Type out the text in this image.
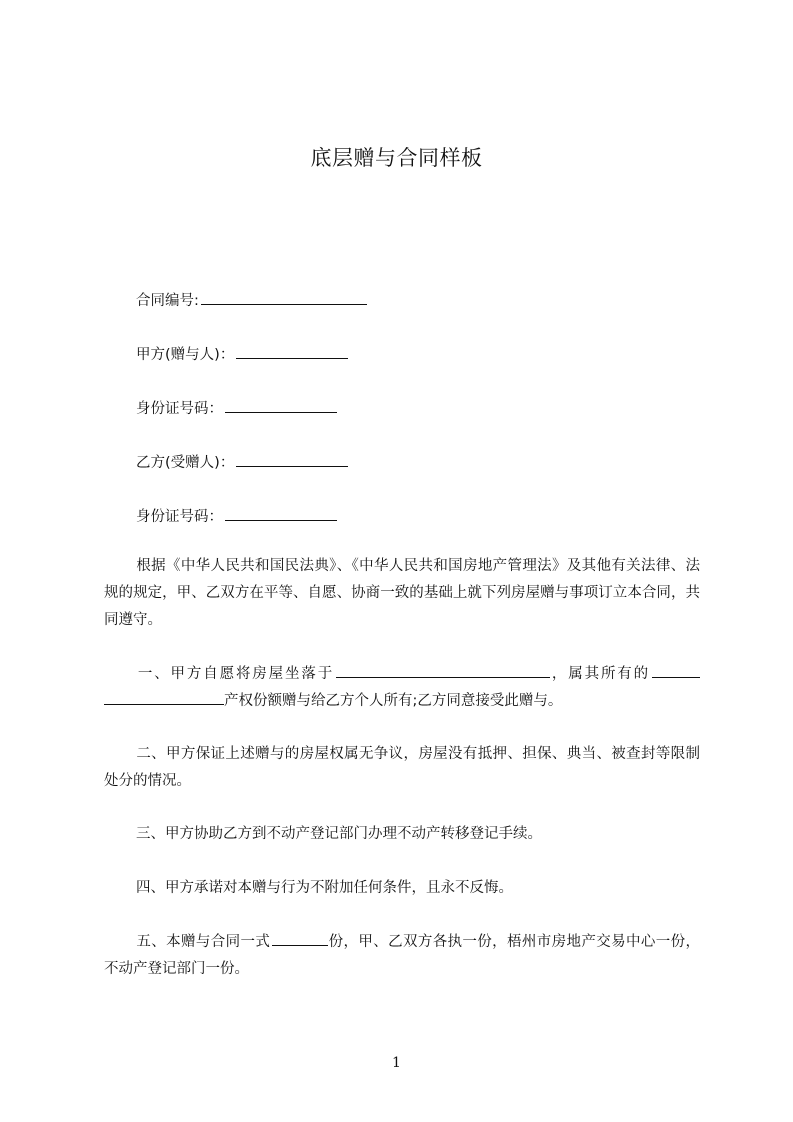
底层赠与合同样板
合同编号:
甲方(赠与人)：
身份证号码：
乙方(受赠人)：
身份证号码：
根据《中华人民共和国民法典》、《中华人民共和国房地产管理法》及其他有关法律、法规的规定，甲、乙双方在平等、自愿、协商一致的基础上就下列房屋赠与事项订立本合同，共同遵守。
一、甲方自愿将房屋坐落于	，属其所有的产权份额赠与给乙方个人所有;乙方同意接受此赠与。
二、甲方保证上述赠与的房屋权属无争议，房屋没有抵押、担保、典当、被查封等限制处分的情况。
三、甲方协助乙方到不动产登记部门办理不动产转移登记手续。
四、甲方承诺对本赠与行为不附加任何条件，且永不反悔。
五、本赠与合同一式	份，甲、乙双方各执一份，梧州市房地产交易中心一份，不动产登记部门一份。
1
